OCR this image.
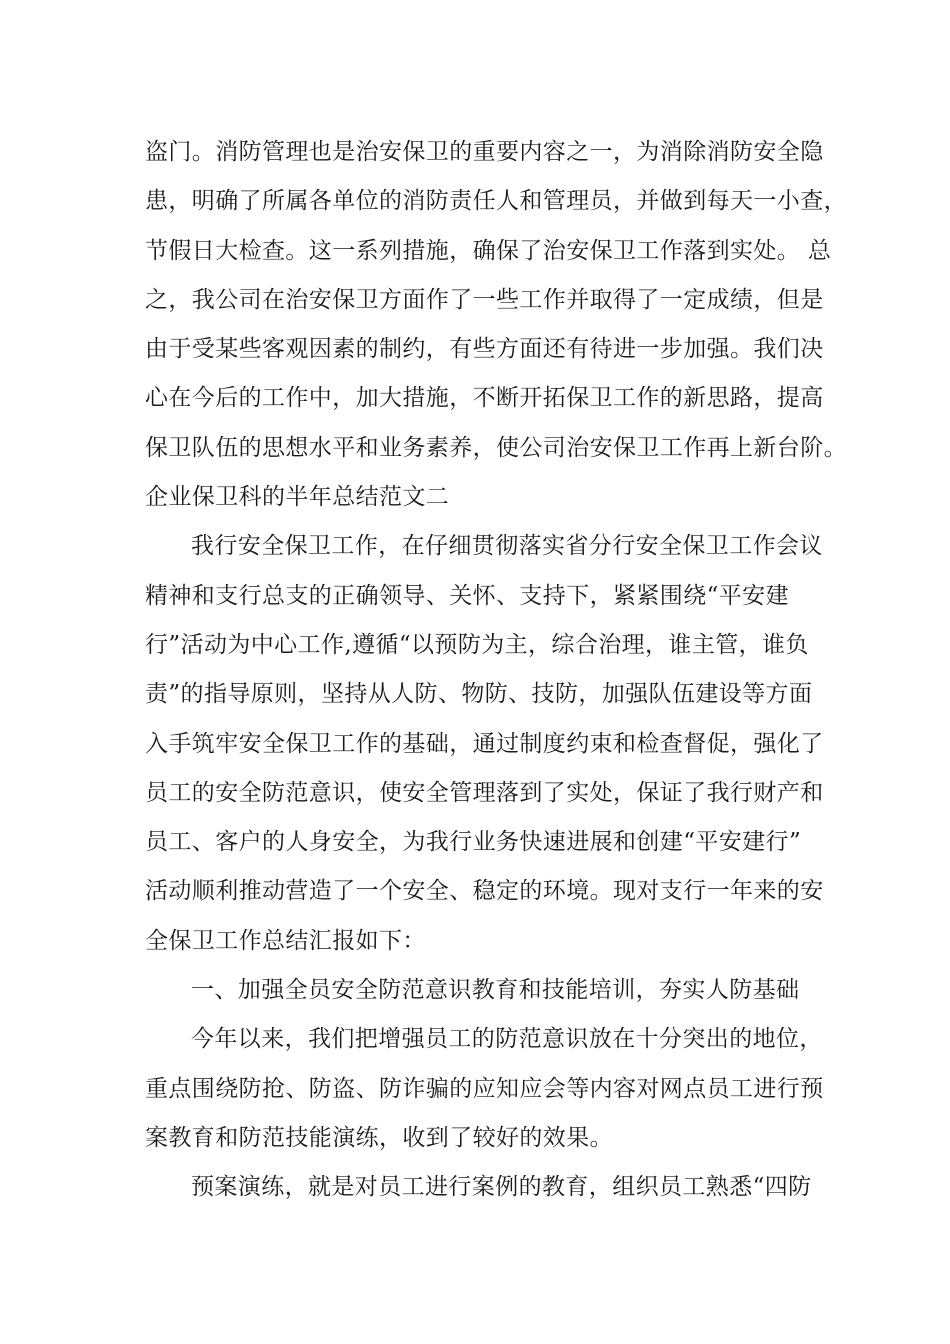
盗门。消防管理也是治安保卫的重要内容之一，为消除消防安全隐
患，明确了所属各单位的消防责任人和管理员，并做到每天一小查，
节假日大检查。这一系列措施，确保了治安保卫工作落到实处。 总
之，我公司在治安保卫方面作了一些工作并取得了一定成绩，但是
由于受某些客观因素的制约，有些方面还有待进一步加强。我们决
心在今后的工作中，加大措施，不断开拓保卫工作的新思路，提高
保卫队伍的思想水平和业务素养，使公司治安保卫工作再上新台阶。
企业保卫科的半年总结范文二
我行安全保卫工作，在仔细贯彻落实省分行安全保卫工作会议
精神和支行总支的正确领导、关怀、支持下，紧紧围绕“平安建
行”活动为中心工作,遵循“以预防为主，综合治理，谁主管，谁负
责”的指导原则，坚持从人防、物防、技防，加强队伍建设等方面
入手筑牢安全保卫工作的基础，通过制度约束和检查督促，强化了
员工的安全防范意识，使安全管理落到了实处，保证了我行财产和
员工、客户的人身安全，为我行业务快速进展和创建“平安建行”
活动顺利推动营造了一个安全、稳定的环境。现对支行一年来的安
全保卫工作总结汇报如下：
一、加强全员安全防范意识教育和技能培训，夯实人防基础
今年以来，我们把增强员工的防范意识放在十分突出的地位，
重点围绕防抢、防盗、防诈骗的应知应会等内容对网点员工进行预
案教育和防范技能演练，收到了较好的效果。
预案演练，就是对员工进行案例的教育，组织员工熟悉“四防
